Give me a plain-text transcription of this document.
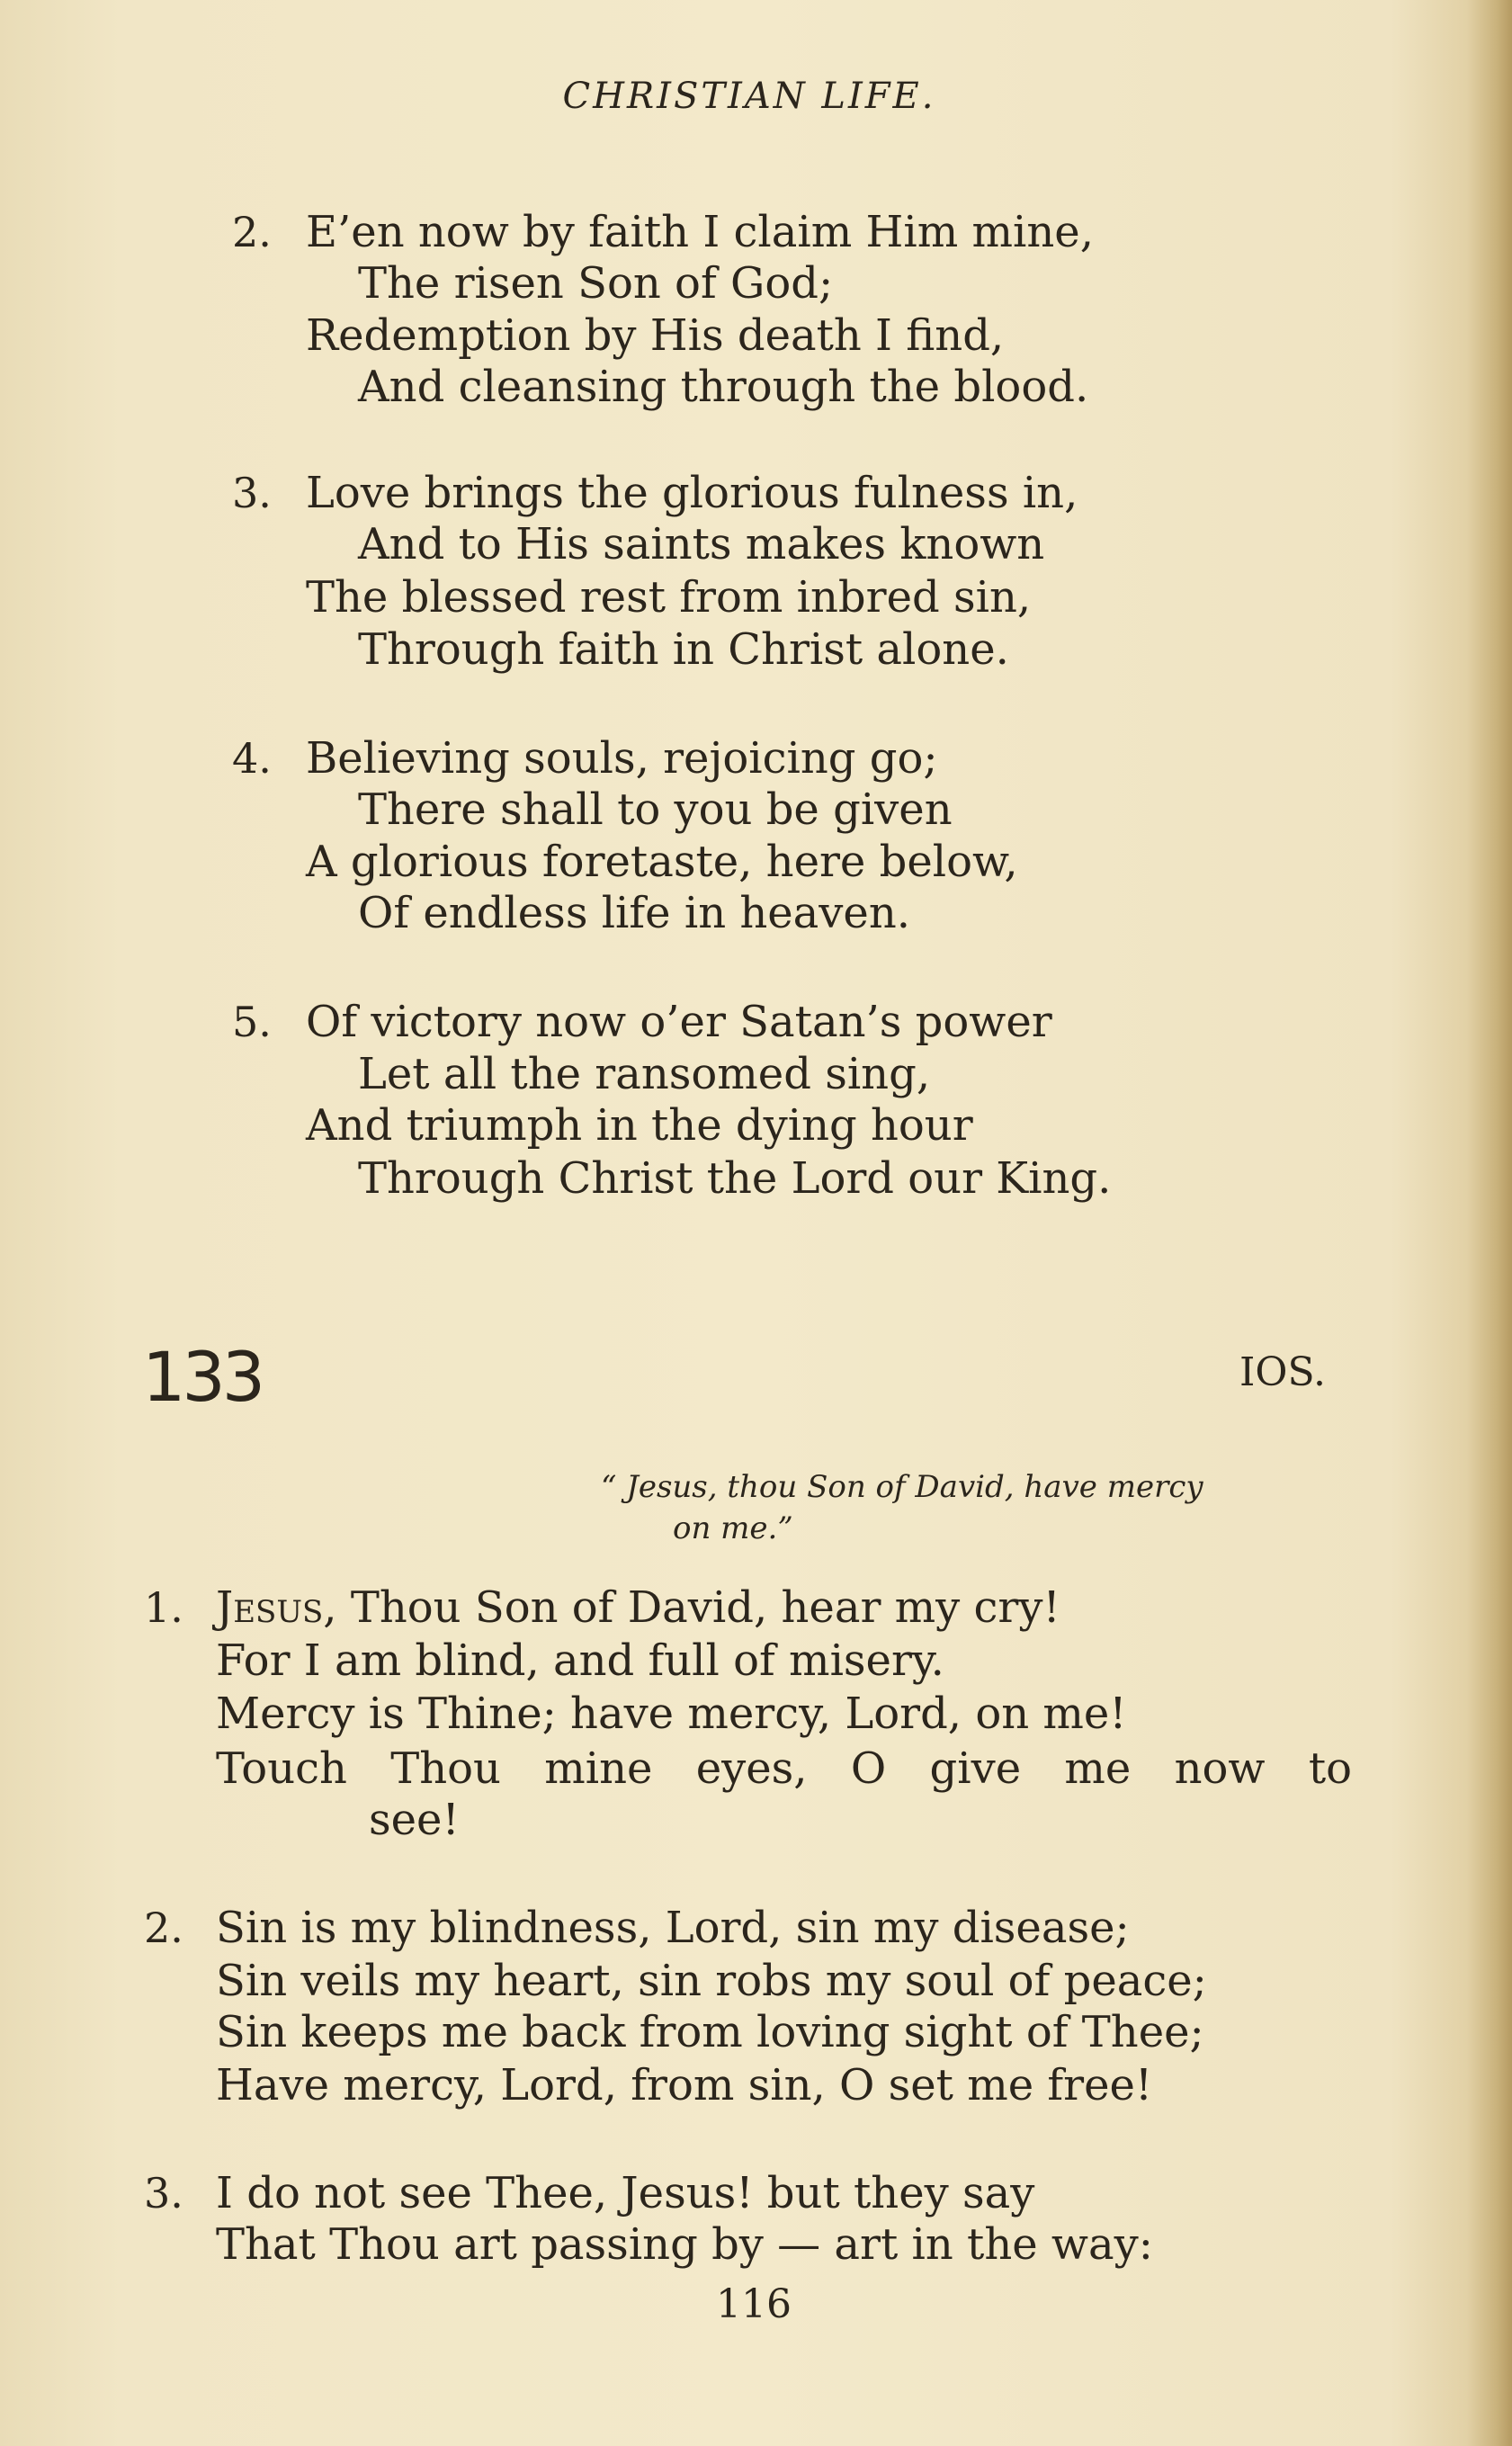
CHRISTIAN LIFE.
2. E’en now by faith I claim Him mine,
The risen Son of God;
Redemption by His death I find,
And cleansing through the blood.
3. Love brings the glorious fulness in,
And to His saints makes known
The blessed rest from inbred sin,
Through faith in Christ alone.
4. Believing souls, rejoicing go;
There shall to you be given
A glorious foretaste, here below,
Of endless life in heaven.
5. Of victory now o’er Satan’s power
Let all the ransomed sing,
And triumph in the dying hour
Through Christ the Lord our King.
133	IOS.
“ Jesus, thou Son of David, have mercy
on me.”
1. Jesus, Thou Son of David, hear my cry!
For I am blind, and full of misery.
Mercy is Thine; have mercy, Lord, on me!
Touch Thou mine eyes, O give me now to
see!
2. Sin is my blindness, Lord, sin my disease;
Sin veils my heart, sin robs my soul of peace;
Sin keeps me back from loving sight of Thee;
Have mercy, Lord, from sin, O set me free!
3. I do not see Thee, Jesus! but they say
That Thou art passing by — art in the way:
116
